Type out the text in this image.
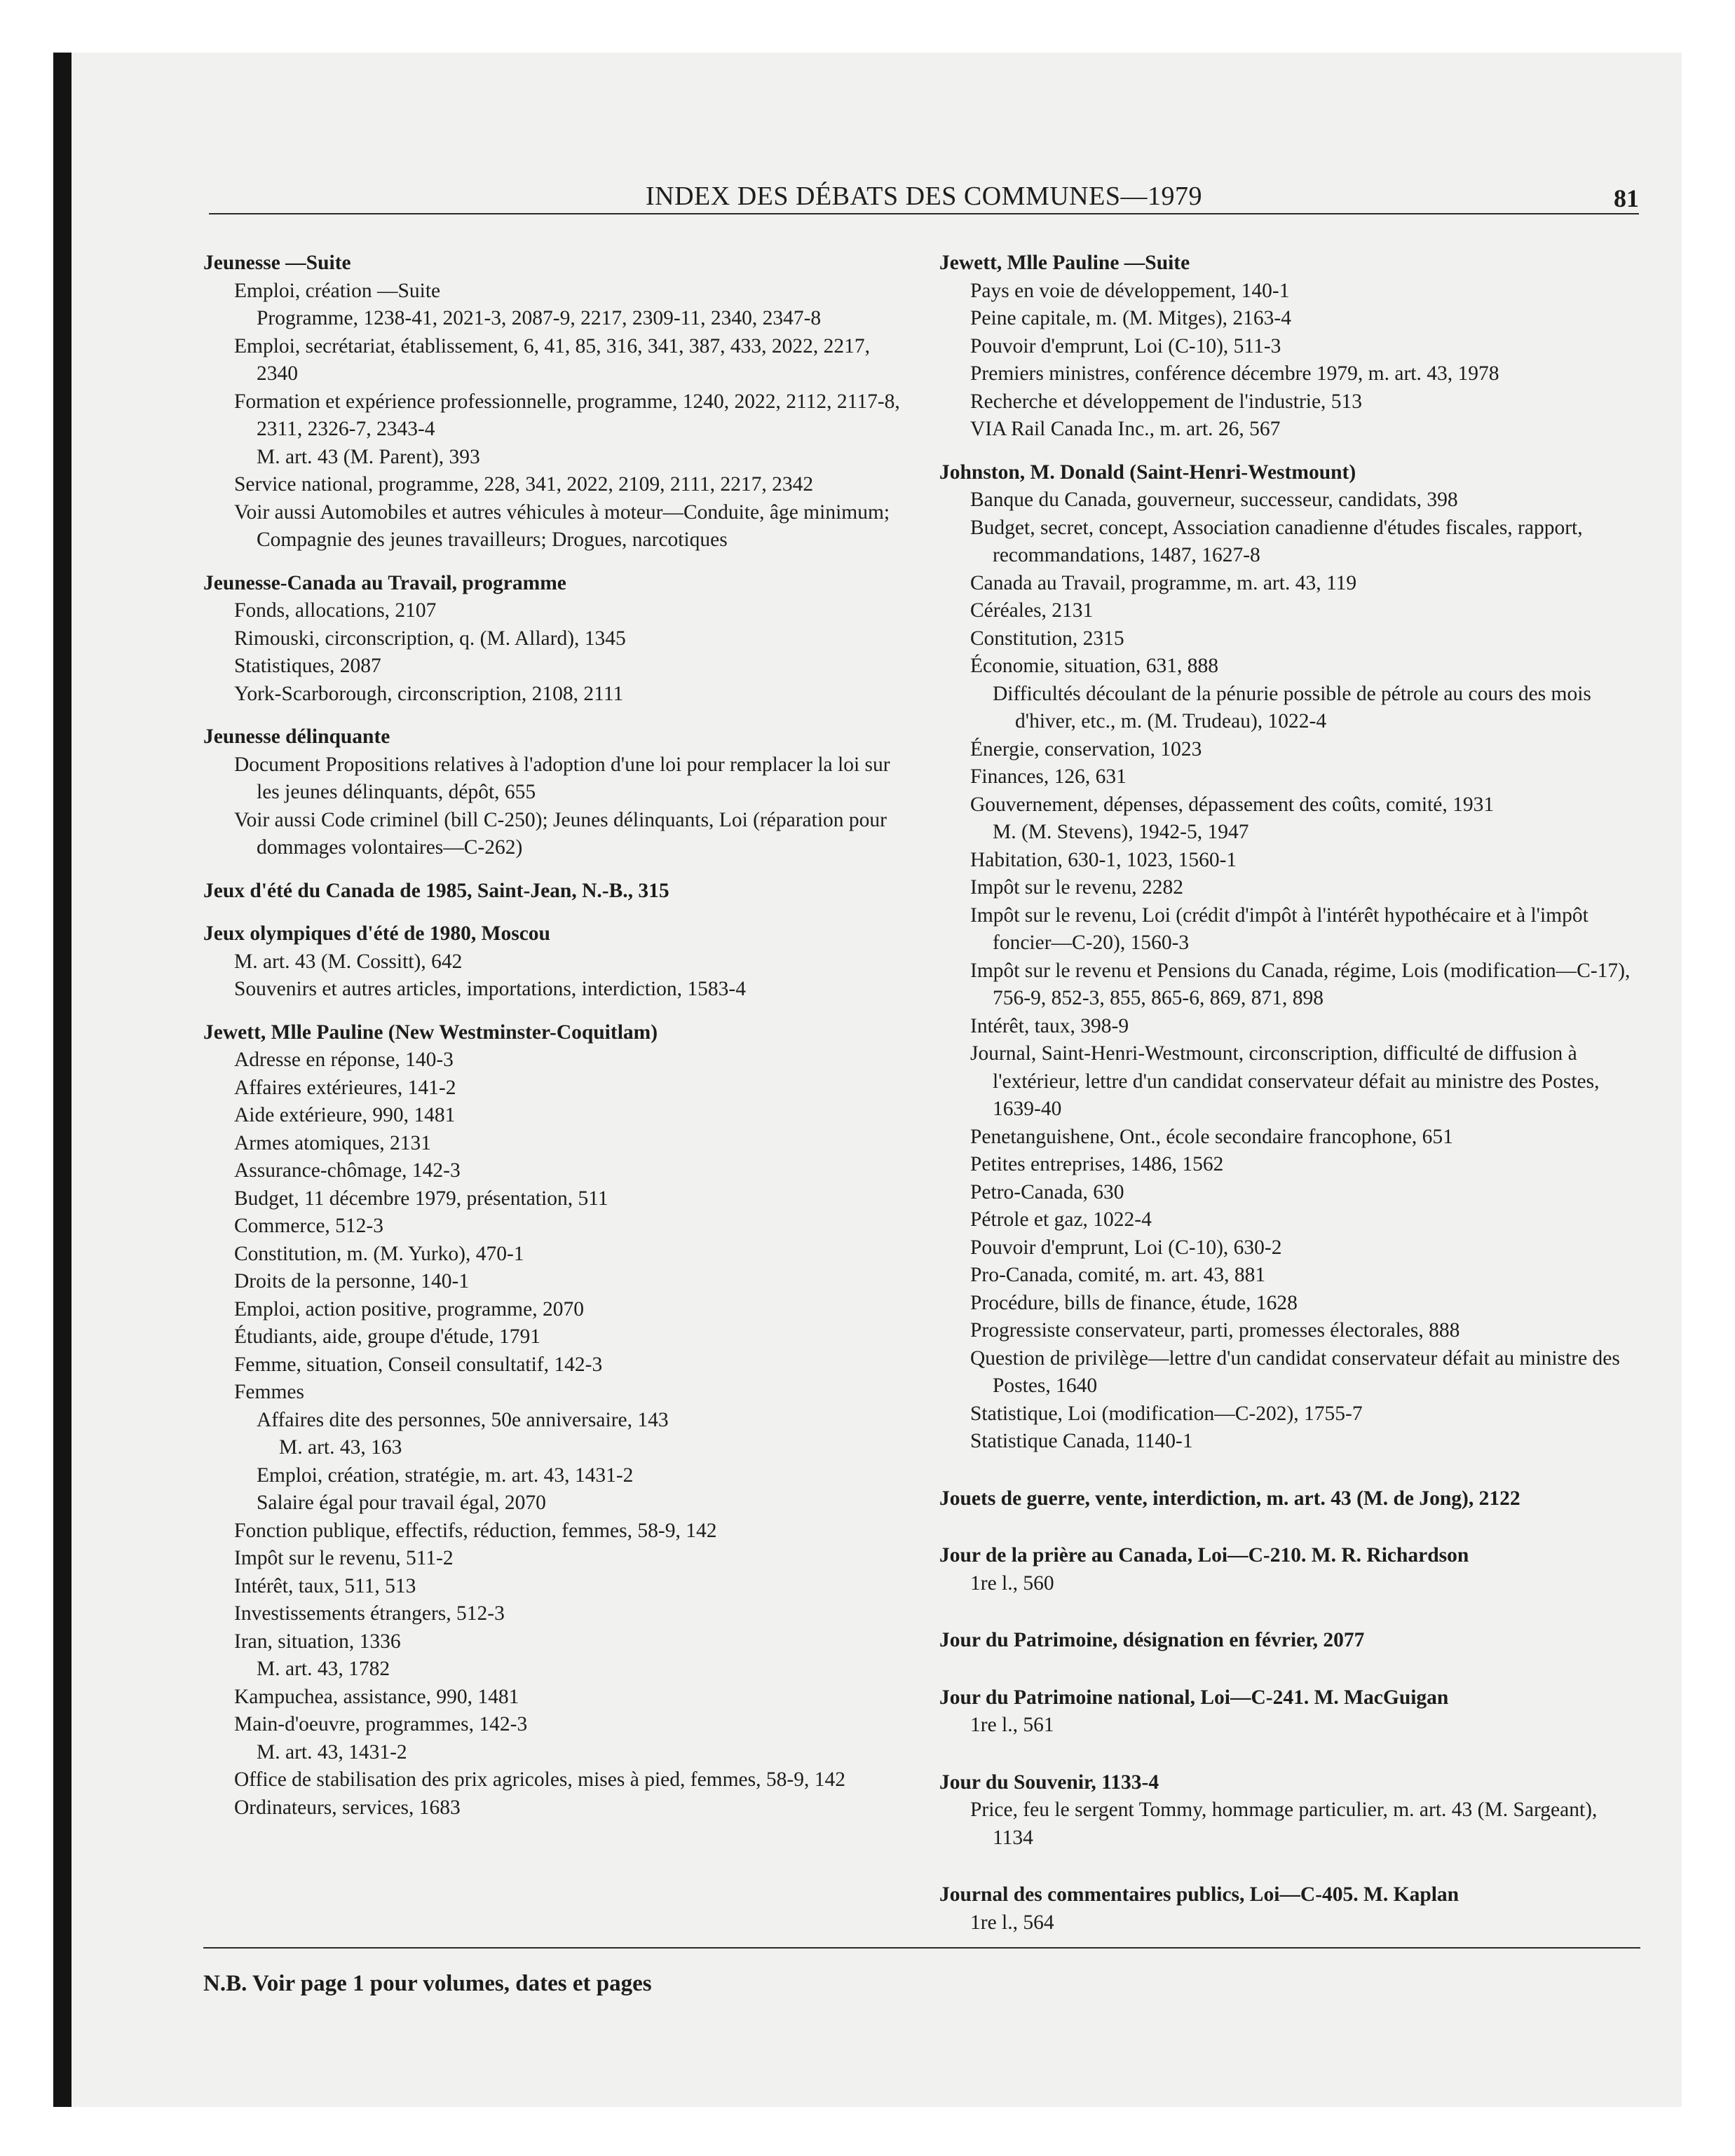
INDEX DES DÉBATS DES COMMUNES—1979	81
Jeunesse —Suite
Emploi, création —Suite
Programme, 1238-41, 2021-3, 2087-9, 2217, 2309-11, 2340, 2347-8
Emploi, secrétariat, établissement, 6, 41, 85, 316, 341, 387, 433, 2022, 2217, 2340
Formation et expérience professionnelle, programme, 1240, 2022, 2112, 2117-8, 2311, 2326-7, 2343-4
M. art. 43 (M. Parent), 393
Service national, programme, 228, 341, 2022, 2109, 2111, 2217, 2342
Voir aussi Automobiles et autres véhicules à moteur—Conduite, âge minimum; Compagnie des jeunes travailleurs; Drogues, narcotiques
Jeunesse-Canada au Travail, programme
Fonds, allocations, 2107
Rimouski, circonscription, q. (M. Allard), 1345
Statistiques, 2087
York-Scarborough, circonscription, 2108, 2111
Jeunesse délinquante
Document Propositions relatives à l'adoption d'une loi pour remplacer la loi sur les jeunes délinquants, dépôt, 655
Voir aussi Code criminel (bill C-250); Jeunes délinquants, Loi (réparation pour dommages volontaires—C-262)
Jeux d'été du Canada de 1985, Saint-Jean, N.-B., 315
Jeux olympiques d'été de 1980, Moscou
M. art. 43 (M. Cossitt), 642
Souvenirs et autres articles, importations, interdiction, 1583-4
Jewett, Mlle Pauline (New Westminster-Coquitlam)
Adresse en réponse, 140-3
Affaires extérieures, 141-2
Aide extérieure, 990, 1481
Armes atomiques, 2131
Assurance-chômage, 142-3
Budget, 11 décembre 1979, présentation, 511
Commerce, 512-3
Constitution, m. (M. Yurko), 470-1
Droits de la personne, 140-1
Emploi, action positive, programme, 2070
Étudiants, aide, groupe d'étude, 1791
Femme, situation, Conseil consultatif, 142-3
Femmes
Affaires dite des personnes, 50e anniversaire, 143
M. art. 43, 163
Emploi, création, stratégie, m. art. 43, 1431-2
Salaire égal pour travail égal, 2070
Fonction publique, effectifs, réduction, femmes, 58-9, 142
Impôt sur le revenu, 511-2
Intérêt, taux, 511, 513
Investissements étrangers, 512-3
Iran, situation, 1336
M. art. 43, 1782
Kampuchea, assistance, 990, 1481
Main-d'oeuvre, programmes, 142-3
M. art. 43, 1431-2
Office de stabilisation des prix agricoles, mises à pied, femmes, 58-9, 142
Ordinateurs, services, 1683
Jewett, Mlle Pauline —Suite
Pays en voie de développement, 140-1
Peine capitale, m. (M. Mitges), 2163-4
Pouvoir d'emprunt, Loi (C-10), 511-3
Premiers ministres, conférence décembre 1979, m. art. 43, 1978
Recherche et développement de l'industrie, 513
VIA Rail Canada Inc., m. art. 26, 567
Johnston, M. Donald (Saint-Henri-Westmount)
Banque du Canada, gouverneur, successeur, candidats, 398
Budget, secret, concept, Association canadienne d'études fiscales, rapport, recommandations, 1487, 1627-8
Canada au Travail, programme, m. art. 43, 119
Céréales, 2131
Constitution, 2315
Économie, situation, 631, 888
Difficultés découlant de la pénurie possible de pétrole au cours des mois d'hiver, etc., m. (M. Trudeau), 1022-4
Énergie, conservation, 1023
Finances, 126, 631
Gouvernement, dépenses, dépassement des coûts, comité, 1931
M. (M. Stevens), 1942-5, 1947
Habitation, 630-1, 1023, 1560-1
Impôt sur le revenu, 2282
Impôt sur le revenu, Loi (crédit d'impôt à l'intérêt hypothécaire et à l'impôt foncier—C-20), 1560-3
Impôt sur le revenu et Pensions du Canada, régime, Lois (modification—C-17), 756-9, 852-3, 855, 865-6, 869, 871, 898
Intérêt, taux, 398-9
Journal, Saint-Henri-Westmount, circonscription, difficulté de diffusion à l'extérieur, lettre d'un candidat conservateur défait au ministre des Postes, 1639-40
Penetanguishene, Ont., école secondaire francophone, 651
Petites entreprises, 1486, 1562
Petro-Canada, 630
Pétrole et gaz, 1022-4
Pouvoir d'emprunt, Loi (C-10), 630-2
Pro-Canada, comité, m. art. 43, 881
Procédure, bills de finance, étude, 1628
Progressiste conservateur, parti, promesses électorales, 888
Question de privilège—lettre d'un candidat conservateur défait au ministre des Postes, 1640
Statistique, Loi (modification—C-202), 1755-7
Statistique Canada, 1140-1
Jouets de guerre, vente, interdiction, m. art. 43 (M. de Jong), 2122
Jour de la prière au Canada, Loi—C-210. M. R. Richardson
1re l., 560
Jour du Patrimoine, désignation en février, 2077
Jour du Patrimoine national, Loi—C-241. M. MacGuigan
1re l., 561
Jour du Souvenir, 1133-4
Price, feu le sergent Tommy, hommage particulier, m. art. 43 (M. Sargeant), 1134
Journal des commentaires publics, Loi—C-405. M. Kaplan
1re l., 564
N.B. Voir page 1 pour volumes, dates et pages
